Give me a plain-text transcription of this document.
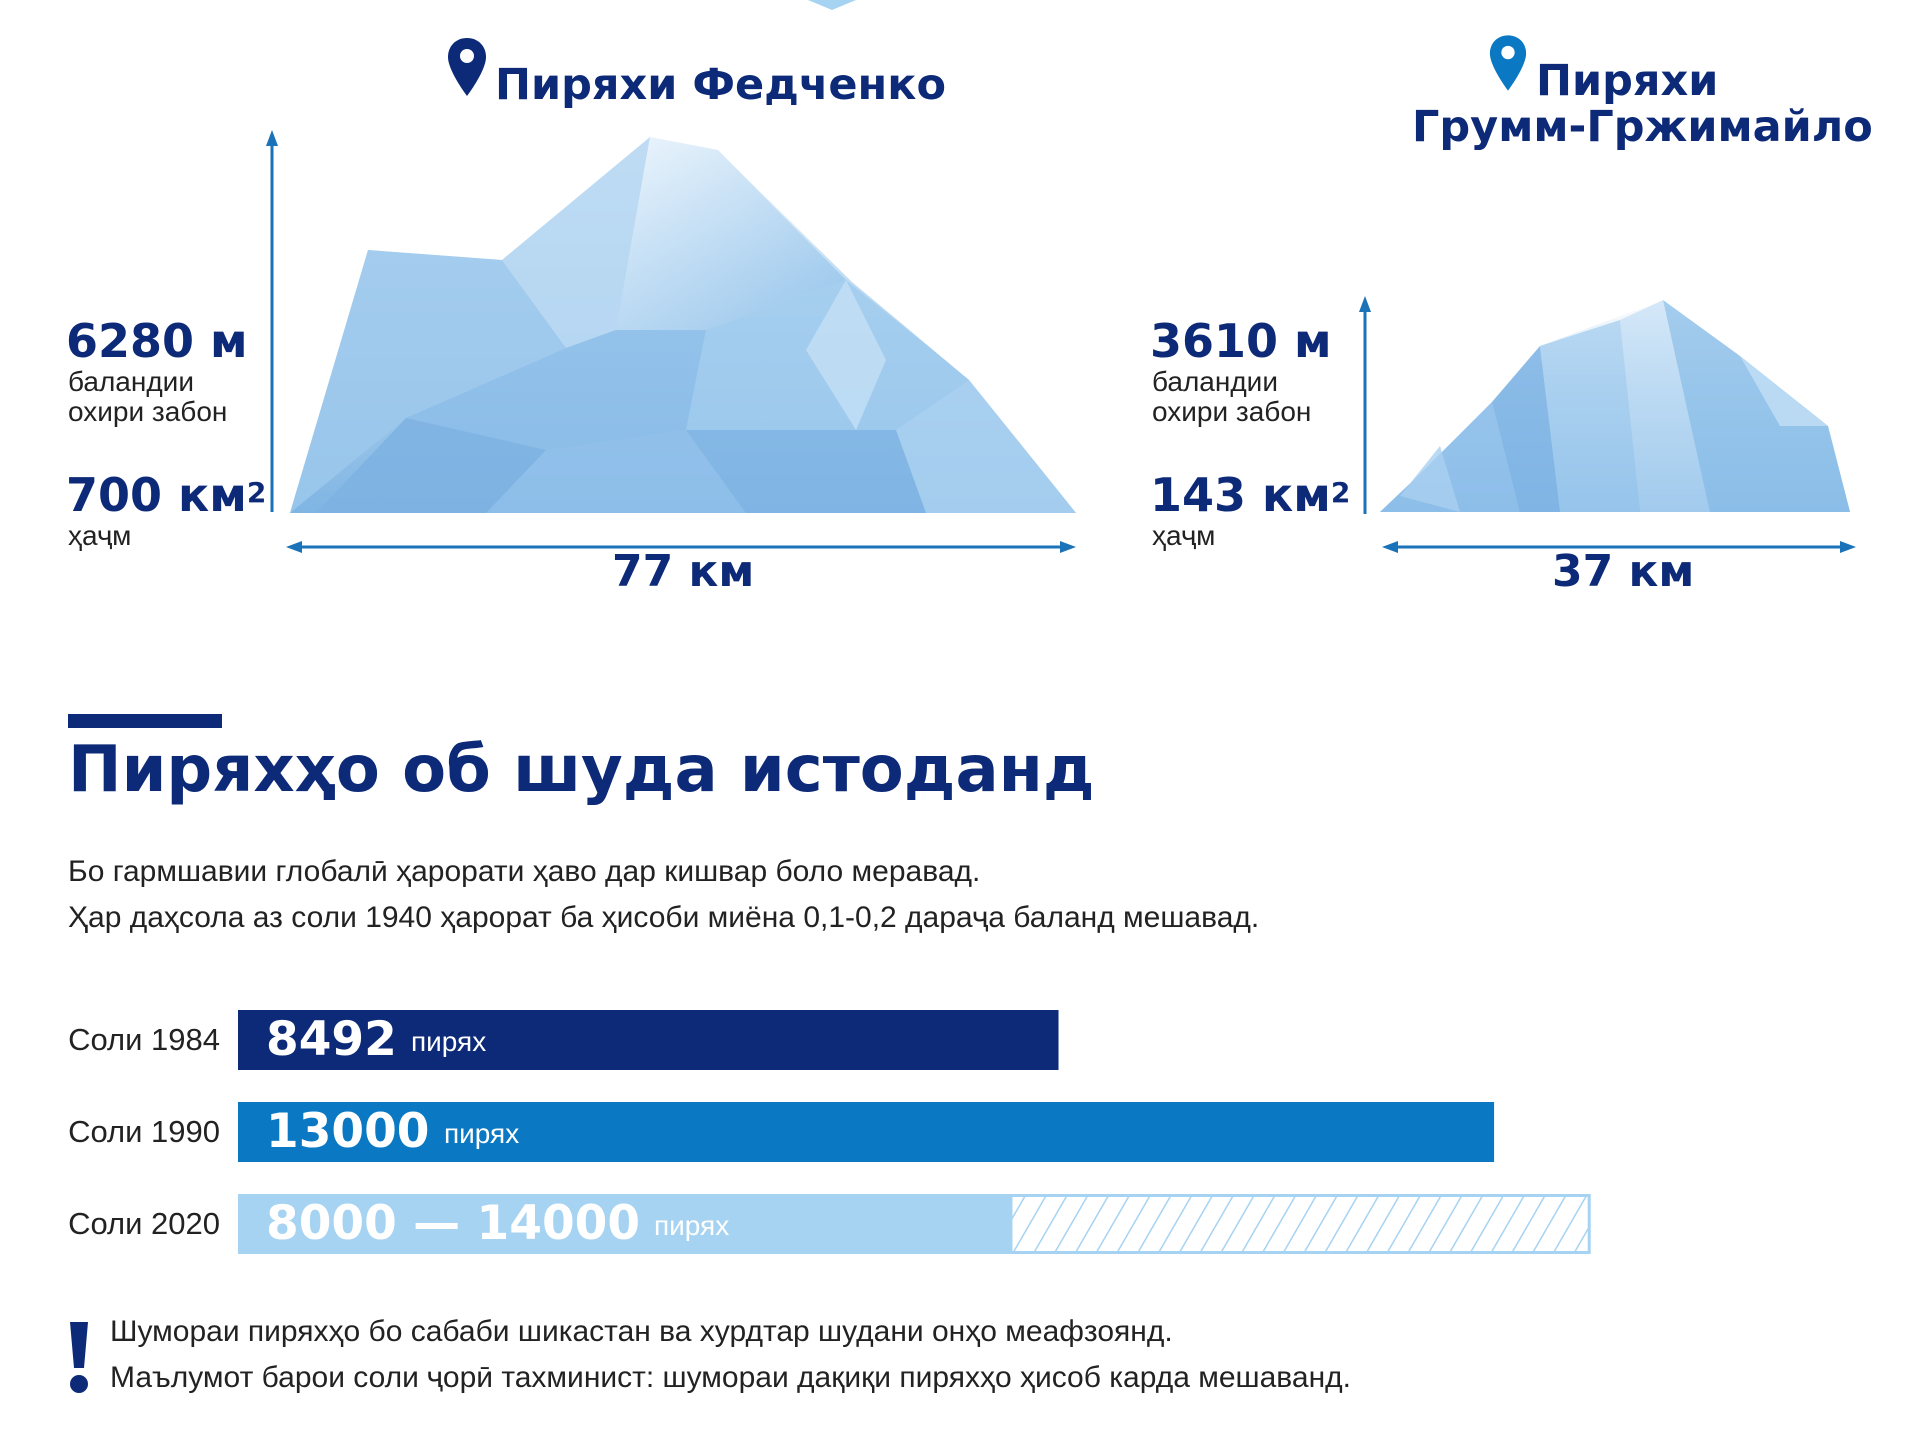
Пиряхи Федченко
6280 м
баландии
охири забон
700 $км^2$
ҳаҷм
77 км
Пиряхи
Грумм-Гржимайло
3610 м
баландии
охири забон
143 $км^2$
ҳаҷм
37 км
Пиряхҳо об шуда истоданд
Бо гармшавии глобалӣ ҳарорати ҳаво дар кишвар боло меравад.
Ҳар даҳсола аз соли 1940 ҳарорат ба ҳисоби миёна 0,1-0,2 дараҷа баланд мешавад.
Соли 1984 8492 пирях
Соли 1990 13000 пирях
Соли 2020 8000 — 14000 пирях
Шумораи пиряхҳо бо сабаби шикастан ва хурдтар шудани онҳо меафзоянд.
Маълумот барои соли ҷорӣ тахминист: шумораи дақиқи пиряхҳо ҳисоб карда мешаванд.
